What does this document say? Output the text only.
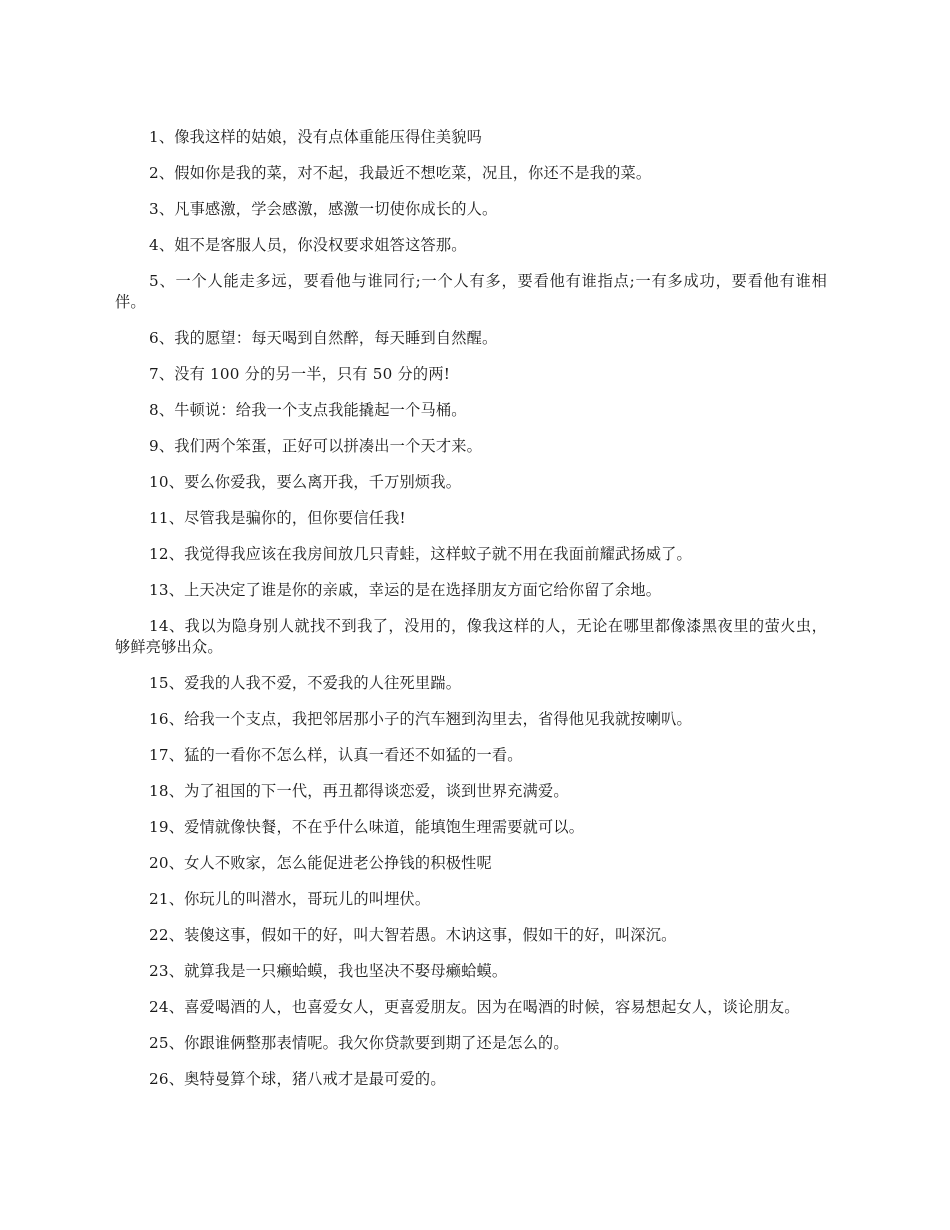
1、像我这样的姑娘，没有点体重能压得住美貌吗

2、假如你是我的菜，对不起，我最近不想吃菜，况且，你还不是我的菜。

3、凡事感激，学会感激，感激一切使你成长的人。

4、姐不是客服人员，你没权要求姐答这答那。

5、一个人能走多远，要看他与谁同行;一个人有多，要看他有谁指点;一有多成功，要看他有谁相伴。

6、我的愿望：每天喝到自然醉，每天睡到自然醒。

7、没有 100 分的另一半，只有 50 分的两!

8、牛顿说：给我一个支点我能撬起一个马桶。

9、我们两个笨蛋，正好可以拼凑出一个天才来。

10、要么你爱我，要么离开我，千万别烦我。

11、尽管我是骗你的，但你要信任我!

12、我觉得我应该在我房间放几只青蛙，这样蚊子就不用在我面前耀武扬威了。

13、上天决定了谁是你的亲戚，幸运的是在选择朋友方面它给你留了余地。

14、我以为隐身别人就找不到我了，没用的，像我这样的人，无论在哪里都像漆黑夜里的萤火虫，够鲜亮够出众。

15、爱我的人我不爱，不爱我的人往死里踹。

16、给我一个支点，我把邻居那小子的汽车翘到沟里去，省得他见我就按喇叭。

17、猛的一看你不怎么样，认真一看还不如猛的一看。

18、为了祖国的下一代，再丑都得谈恋爱，谈到世界充满爱。

19、爱情就像快餐，不在乎什么味道，能填饱生理需要就可以。

20、女人不败家，怎么能促进老公挣钱的积极性呢

21、你玩儿的叫潜水，哥玩儿的叫埋伏。

22、装傻这事，假如干的好，叫大智若愚。木讷这事，假如干的好，叫深沉。

23、就算我是一只癞蛤蟆，我也坚决不娶母癞蛤蟆。

24、喜爱喝酒的人，也喜爱女人，更喜爱朋友。因为在喝酒的时候，容易想起女人，谈论朋友。

25、你跟谁俩整那表情呢。我欠你贷款要到期了还是怎么的。

26、奥特曼算个球，猪八戒才是最可爱的。
